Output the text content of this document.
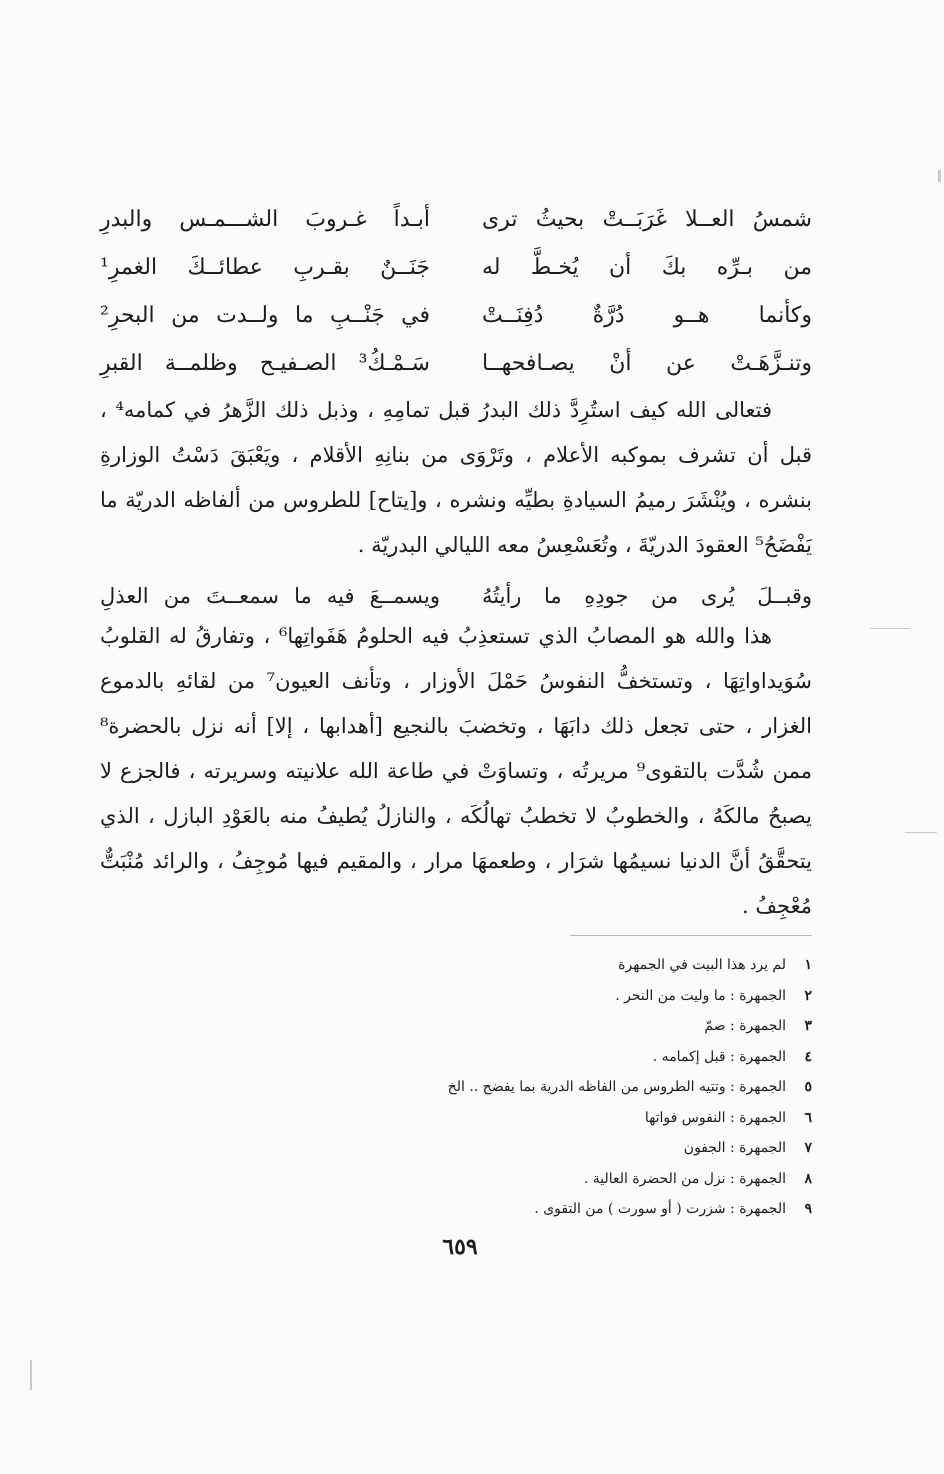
شمسُ العــلا غَرَبَــتْ بحيثُ ترى
أبـداً غـروبَ الشـــمـس والبدرِ
من بـرِّه بكَ أن يُخـطَّ له
جَنَــنٌ بقـربِ عطائــكَ الغمرِ¹
وكأنما هــو دُرَّةٌ دُفِنَــتْ
في جَنْــبِ ما ولــدت من البحرِ²
وتنـزَّهَـتْ عن أنْ يصـافحهــا
سَـمْـكُ³ الصـفيـح وظلمــة القبرِ

فتعالى الله كيف استُرِدَّ ذلك البدرُ قبل تمامِهِ ، وذبل ذلك الزَّهرُ في كمامه⁴ ، قبل أن تشرف بموكبه الأعلام ، وتَرْوَى من بنانِهِ الأقلام ، ويَعْبَقَ دَسْتُ الوزارةِ بنشره ، ويُنْشَرَ رميمُ السيادةِ بطيِّه ونشره ، و[يتاح] للطروس من ألفاظه الدريّة ما يَفْضَحُ⁵ العقودَ الدريّةَ ، وتُعَسْعِسُ معه الليالي البدريّة .

وقبــلَ يُرى من جودِهِ ما رأيتُهُ
ويسمــعَ فيه ما سمعــتَ من العذلِ

هذا والله هو المصابُ الذي تستعذِبُ فيه الحلومُ هَفَواتِها⁶ ، وتفارقُ له القلوبُ سُوَيداواتِهَا ، وتستخفُّ النفوسُ حَمْلَ الأوزار ، وتأنف العيون⁷ من لقائهِ بالدموع الغزار ، حتى تجعل ذلك دابَهَا ، وتخضبَ بالنجيع [أهدابها ، إلا] أنه نزل بالحضرة⁸ ممن شُدَّت بالتقوى⁹ مريرتُه ، وتساوَتْ في طاعة الله علانيته وسريرته ، فالجزع لا يصبحُ مالكَهُ ، والخطوبُ لا تخطبُ تهالُكَه ، والنازلُ يُطيفُ منه بالعَوْدِ البازل ، الذي يتحقَّقُ أنَّ الدنيا نسيمُها شرَار ، وطعمهَا مرار ، والمقيم فيها مُوجِفُ ، والرائد مُنْبَتٌّ مُعْجِفُ .

١لم يرد هذا البيت في الجمهرة
٢الجمهرة : ما وليت من النحر .
٣الجمهرة : صمّ
٤الجمهرة : قبل إكمامه .
٥الجمهرة : وتتيه الطروس من الفاظه الدرية بما يفضح .. الخ
٦الجمهرة : النفوس فواتها
٧الجمهرة : الجفون
٨الجمهرة : نزل من الحضرة العالية .
٩الجمهرة : شزرت ( أو سورت ) من التقوى .
٦٥٩
